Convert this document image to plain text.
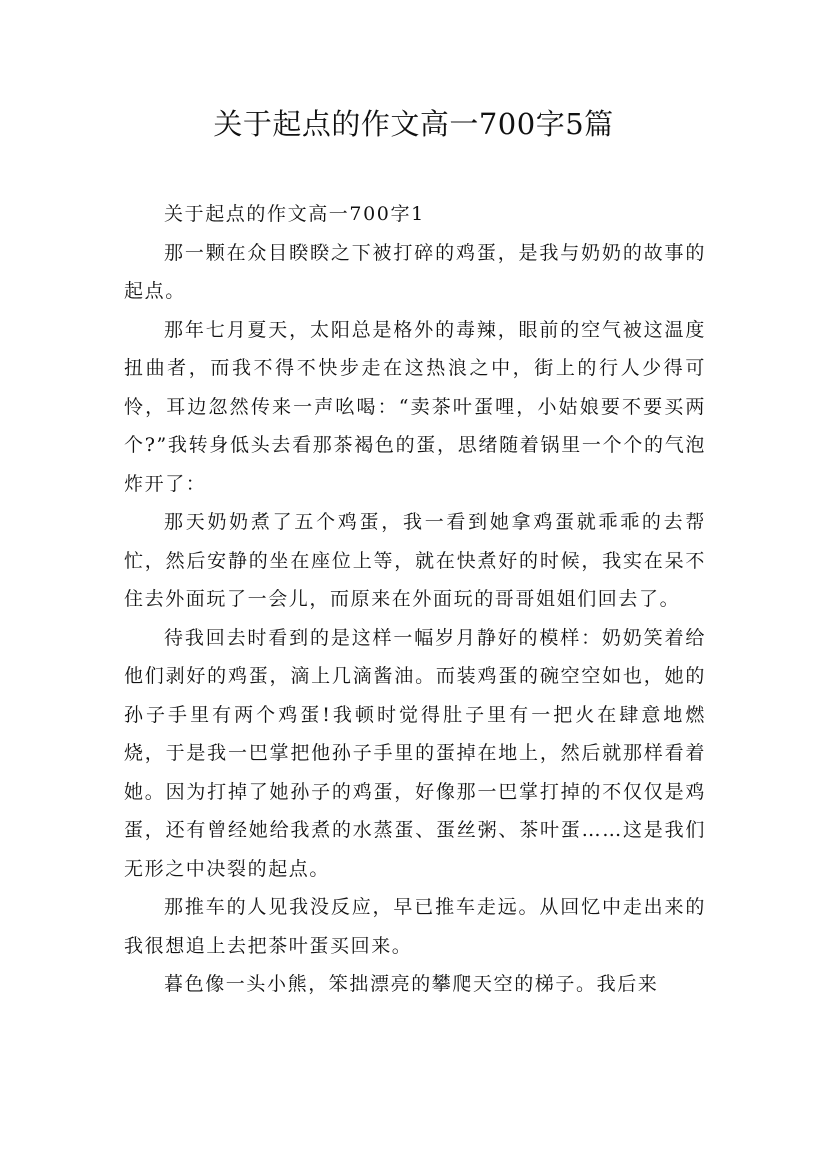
关于起点的作文高一700字5篇

关于起点的作文高一700字1

那一颗在众目睽睽之下被打碎的鸡蛋，是我与奶奶的故事的起点。

那年七月夏天，太阳总是格外的毒辣，眼前的空气被这温度扭曲者，而我不得不快步走在这热浪之中，街上的行人少得可怜，耳边忽然传来一声吆喝：“卖茶叶蛋哩，小姑娘要不要买两个?”我转身低头去看那茶褐色的蛋，思绪随着锅里一个个的气泡炸开了：

那天奶奶煮了五个鸡蛋，我一看到她拿鸡蛋就乖乖的去帮忙，然后安静的坐在座位上等，就在快煮好的时候，我实在呆不住去外面玩了一会儿，而原来在外面玩的哥哥姐姐们回去了。

待我回去时看到的是这样一幅岁月静好的模样：奶奶笑着给他们剥好的鸡蛋，滴上几滴酱油。而装鸡蛋的碗空空如也，她的孙子手里有两个鸡蛋!我顿时觉得肚子里有一把火在肆意地燃烧，于是我一巴掌把他孙子手里的蛋掉在地上，然后就那样看着她。因为打掉了她孙子的鸡蛋，好像那一巴掌打掉的不仅仅是鸡蛋，还有曾经她给我煮的水蒸蛋、蛋丝粥、茶叶蛋……这是我们无形之中决裂的起点。

那推车的人见我没反应，早已推车走远。从回忆中走出来的我很想追上去把茶叶蛋买回来。

暮色像一头小熊，笨拙漂亮的攀爬天空的梯子。我后来
